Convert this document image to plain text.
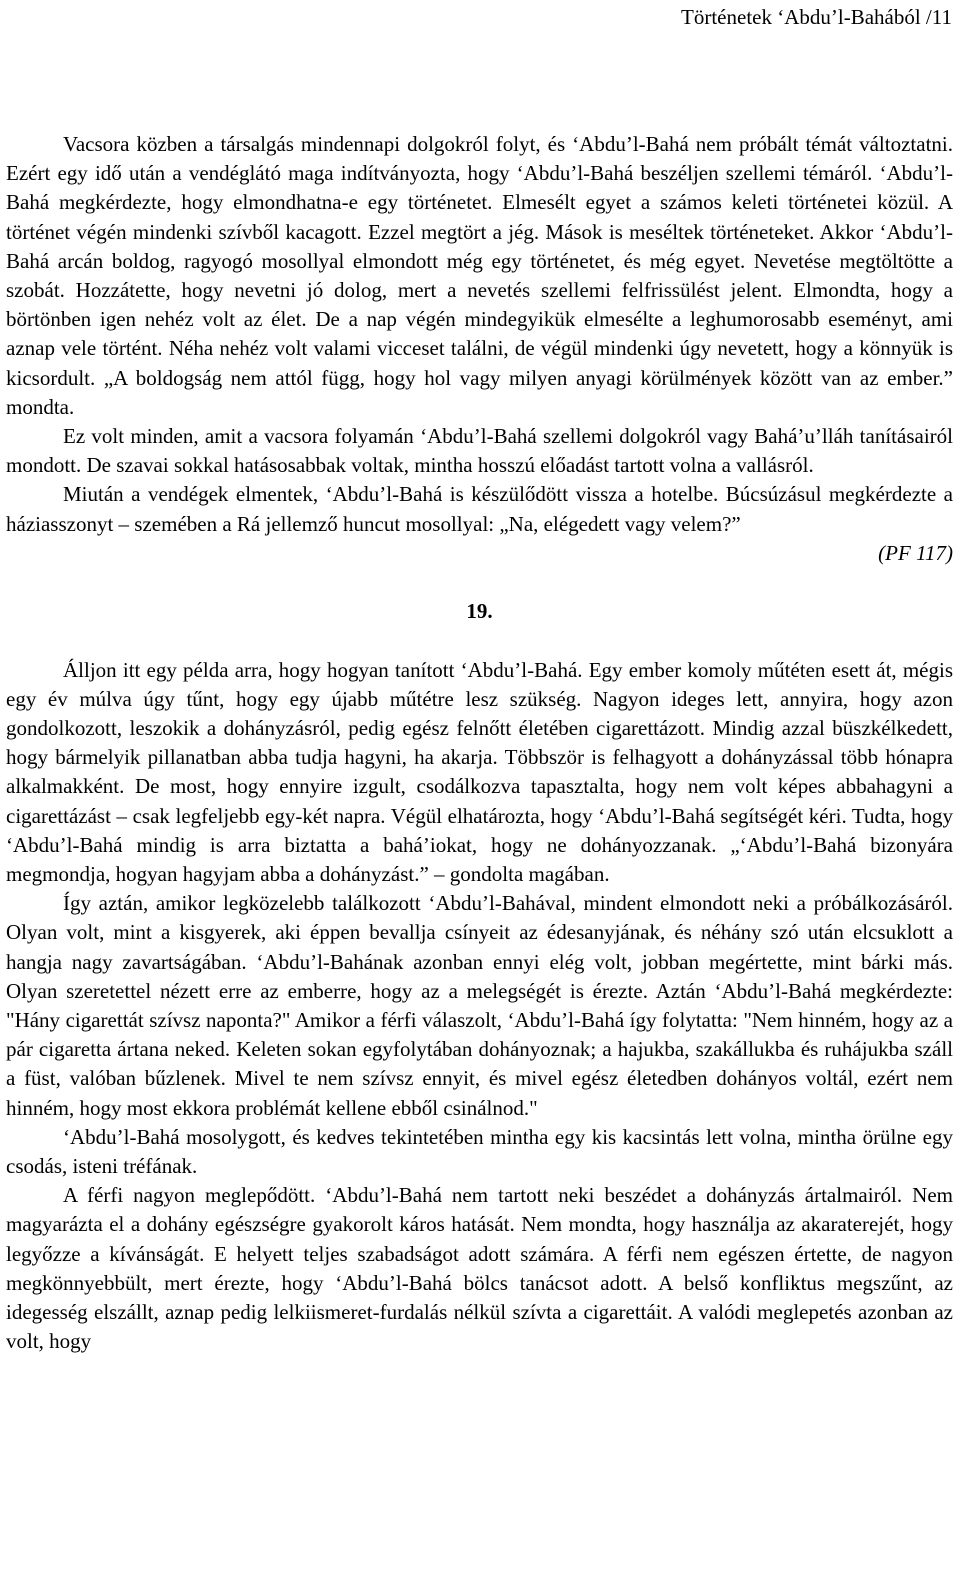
Történetek ‘Abdu’l-Bahából /11

Vacsora közben a társalgás mindennapi dolgokról folyt, és ‘Abdu’l-Bahá nem próbált témát változtatni. Ezért egy idő után a vendéglátó maga indítványozta, hogy ‘Abdu’l-Bahá beszéljen szellemi témáról. ‘Abdu’l-Bahá megkérdezte, hogy elmondhatna-e egy történetet. Elmesélt egyet a számos keleti történetei közül. A történet végén mindenki szívből kacagott. Ezzel megtört a jég. Mások is meséltek történeteket. Akkor ‘Abdu’l-Bahá arcán boldog, ragyogó mosollyal elmondott még egy történetet, és még egyet. Nevetése megtöltötte a szobát. Hozzátette, hogy nevetni jó dolog, mert a nevetés szellemi felfrissülést jelent. Elmondta, hogy a börtönben igen nehéz volt az élet. De a nap végén mindegyikük elmesélte a leghumorosabb eseményt, ami aznap vele történt. Néha nehéz volt valami vicceset találni, de végül mindenki úgy nevetett, hogy a könnyük is kicsordult. „A boldogság nem attól függ, hogy hol vagy milyen anyagi körülmények között van az ember.” mondta.

Ez volt minden, amit a vacsora folyamán ‘Abdu’l-Bahá szellemi dolgokról vagy Bahá’u’lláh tanításairól mondott. De szavai sokkal hatásosabbak voltak, mintha hosszú előadást tartott volna a vallásról.

Miután a vendégek elmentek, ‘Abdu’l-Bahá is készülődött vissza a hotelbe. Búcsúzásul megkérdezte a háziasszonyt – szemében a Rá jellemző huncut mosollyal: „Na, elégedett vagy velem?”

(PF 117)
19.

Álljon itt egy példa arra, hogy hogyan tanított ‘Abdu’l-Bahá. Egy ember komoly műtéten esett át, mégis egy év múlva úgy tűnt, hogy egy újabb műtétre lesz szükség. Nagyon ideges lett, annyira, hogy azon gondolkozott, leszokik a dohányzásról, pedig egész felnőtt életében cigarettázott. Mindig azzal büszkélkedett, hogy bármelyik pillanatban abba tudja hagyni, ha akarja. Többször is felhagyott a dohányzással több hónapra alkalmakként. De most, hogy ennyire izgult, csodálkozva tapasztalta, hogy nem volt képes abbahagyni a cigarettázást – csak legfeljebb egy-két napra. Végül elhatározta, hogy ‘Abdu’l-Bahá segítségét kéri. Tudta, hogy ‘Abdu’l-Bahá mindig is arra biztatta a bahá’iokat, hogy ne dohányozzanak. „‘Abdu’l-Bahá bizonyára megmondja, hogyan hagyjam abba a dohányzást.” – gondolta magában.

Így aztán, amikor legközelebb találkozott ‘Abdu’l-Bahával, mindent elmondott neki a próbálkozásáról. Olyan volt, mint a kisgyerek, aki éppen bevallja csínyeit az édesanyjának, és néhány szó után elcsuklott a hangja nagy zavartságában. ‘Abdu’l-Bahának azonban ennyi elég volt, jobban megértette, mint bárki más. Olyan szeretettel nézett erre az emberre, hogy az a melegségét is érezte. Aztán ‘Abdu’l-Bahá megkérdezte: "Hány cigarettát szívsz naponta?" Amikor a férfi válaszolt, ‘Abdu’l-Bahá így folytatta: "Nem hinném, hogy az a pár cigaretta ártana neked. Keleten sokan egyfolytában dohányoznak; a hajukba, szakállukba és ruhájukba száll a füst, valóban bűzlenek. Mivel te nem szívsz ennyit, és mivel egész életedben dohányos voltál, ezért nem hinném, hogy most ekkora problémát kellene ebből csinálnod."

‘Abdu’l-Bahá mosolygott, és kedves tekintetében mintha egy kis kacsintás lett volna, mintha örülne egy csodás, isteni tréfának.

A férfi nagyon meglepődött. ‘Abdu’l-Bahá nem tartott neki beszédet a dohányzás ártalmairól. Nem magyarázta el a dohány egészségre gyakorolt káros hatását. Nem mondta, hogy használja az akaraterejét, hogy legyőzze a kívánságát. E helyett teljes szabadságot adott számára. A férfi nem egészen értette, de nagyon megkönnyebbült, mert érezte, hogy ‘Abdu’l-Bahá bölcs tanácsot adott. A belső konfliktus megszűnt, az idegesség elszállt, aznap pedig lelkiismeret-furdalás nélkül szívta a cigarettáit. A valódi meglepetés azonban az volt, hogy
